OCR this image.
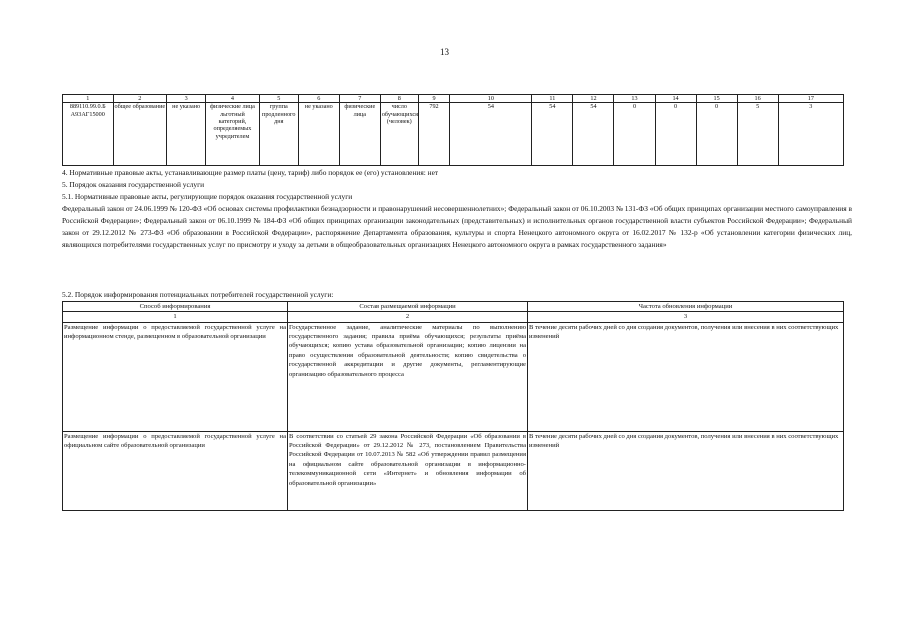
13
1	2	3	4	5	6	7	8	9	10	11	12	13	14	15	16	17
889110.99.0.Б А93АГ15000	общее образование	не указано	физические лица льготный категорий, определяемых учредителем	группа продленного дня	не указано	физические лица	число обучающихся (человек)	792	54	54	54	0	0	0	5	3
4. Нормативные правовые акты, устанавливающие размер платы (цену, тариф) либо порядок ее (его) установления: нет
5. Порядок оказания государственной услуги
5.1. Нормативные правовые акты, регулирующие порядок оказания государственной услуги
Федеральный закон от 24.06.1999 № 120-ФЗ «Об основах системы профилактики безнадзорности и правонарушений несовершеннолетних»; Федеральный закон от 06.10.2003 № 131-ФЗ «Об общих принципах организации местного самоуправления в Российской Федерации»; Федеральный закон от 06.10.1999 № 184-ФЗ «Об общих принципах организации законодательных (представительных) и исполнительных органов государственной власти субъектов Российской Федерации»; Федеральный закон от 29.12.2012 № 273-ФЗ «Об образовании в Российской Федерации», распоряжение Департамента образования, культуры и спорта Ненецкого автономного округа от 16.02.2017 № 132-р «Об установлении категории физических лиц, являющихся потребителями государственных услуг по присмотру и уходу за детьми в общеобразовательных организациях Ненецкого автономного округа в рамках государственного задания»
5.2. Порядок информирования потенциальных потребителей государственной услуги:
Способ информирования	Состав размещаемой информации	Частота обновления информации
1	2	3
Размещение информации о предоставляемой государственной услуге на информационном стенде, размещенном в образовательной организации	Государственное задание, аналитические материалы по выполнению государственного задания; правила приёма обучающихся; результаты приёма обучающихся; копию устава образовательной организации; копию лицензии на право осуществления образовательной деятельности; копию свидетельства о государственной аккредитации и другие документы, регламентирующие организацию образовательного процесса	В течение десяти рабочих дней со дня создания документов, получения или внесения в них соответствующих изменений
Размещение информации о предоставляемой государственной услуге на официальном сайте образовательной организации	В соответствии со статьей 29 закона Российской Федерации «Об образовании в Российской Федерации» от 29.12.2012 № 273, постановлением Правительства Российской Федерации от 10.07.2013 № 582 «Об утверждении правил размещения на официальном сайте образовательной организации в информационно-телекоммуникационной сети «Интернет» и обновления информации об образовательной организации»	В течение десяти рабочих дней со дня создания документов, получения или внесения в них соответствующих изменений
